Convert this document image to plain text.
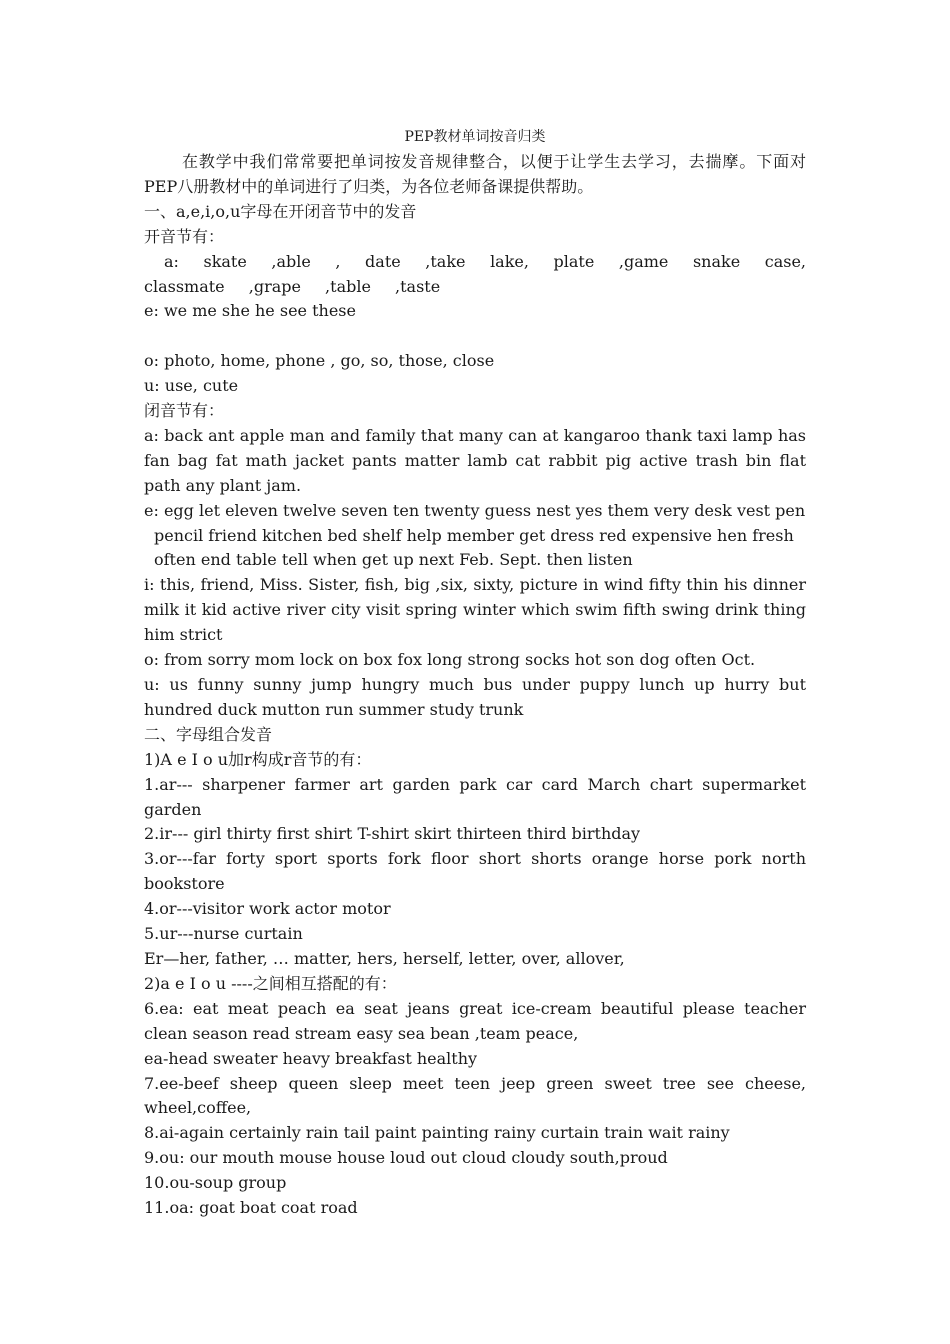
PEP教材单词按音归类

在教学中我们常常要把单词按发音规律整合，以便于让学生去学习，去揣摩。下面对PEP八册教材中的单词进行了归类，为各位老师备课提供帮助。

一、a,e,i,o,u字母在开闭音节中的发音

开音节有：

a: skate ,able , date ,take lake, plate ,game snake case, classmate ,grape ,table ,taste

e: we me she he see these

o: photo, home, phone , go, so, those, close

u: use, cute

闭音节有：

a: back ant apple man and family that many can at kangaroo thank taxi lamp has fan bag fat math jacket pants matter lamb cat rabbit pig active trash bin flat path any plant jam.

e: egg let eleven twelve seven ten twenty guess nest yes them very desk vest pen

pencil friend kitchen bed shelf help member get dress red expensive hen fresh

often end table tell when get up next Feb. Sept. then listen

i: this, friend, Miss. Sister, fish, big ,six, sixty, picture in wind fifty thin his dinner milk it kid active river city visit spring winter which swim fifth swing drink thing him strict

o: from sorry mom lock on box fox long strong socks hot son dog often Oct.

u: us funny sunny jump hungry much bus under puppy lunch up hurry but hundred duck mutton run summer study trunk

二、字母组合发音

1)A e I o u加r构成r音节的有：

1.ar--- sharpener farmer art garden park car card March chart supermarket garden

2.ir--- girl thirty first shirt T-shirt skirt thirteen third birthday

3.or---far forty sport sports fork floor short shorts orange horse pork north bookstore

4.or---visitor work actor motor

5.ur---nurse curtain

Er—her, father, … matter, hers, herself, letter, over, allover,

2)a e I o u ----之间相互搭配的有：

6.ea: eat meat peach ea seat jeans great ice-cream beautiful please teacher clean season read stream easy sea bean ,team peace,

ea-head sweater heavy breakfast healthy

7.ee-beef sheep queen sleep meet teen jeep green sweet tree see cheese, wheel,coffee,

8.ai-again certainly rain tail paint painting rainy curtain train wait rainy

9.ou: our mouth mouse house loud out cloud cloudy south,proud

10.ou-soup group

11.oa: goat boat coat road
